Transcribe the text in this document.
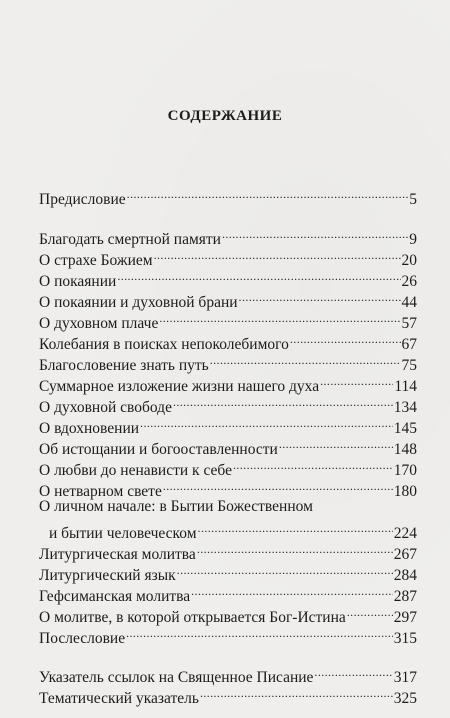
СОДЕРЖАНИЕ
Предисловие .....	5
Благодать смертной памяти .....	9
О страхе Божием .....	20
О покаянии .....	26
О покаянии и духовной брани .....	44
О духовном плаче .....	57
Колебания в поисках непоколебимого .....	67
Благословение знать путь .....	75
Суммарное изложение жизни нашего духа .....	114
О духовной свободе .....	134
О вдохновении .....	145
Об истощании и богооставленности .....	148
О любви до ненависти к себе .....	170
О нетварном свете .....	180
О личном начале: в Бытии Божественном
и бытии человеческом .....	224
Литургическая молитва .....	267
Литургический язык .....	284
Гефсиманская молитва .....	287
О молитве, в которой открывается Бог-Истина .....	297
Послесловие .....	315
Указатель ссылок на Священное Писание .....	317
Тематический указатель .....	325
